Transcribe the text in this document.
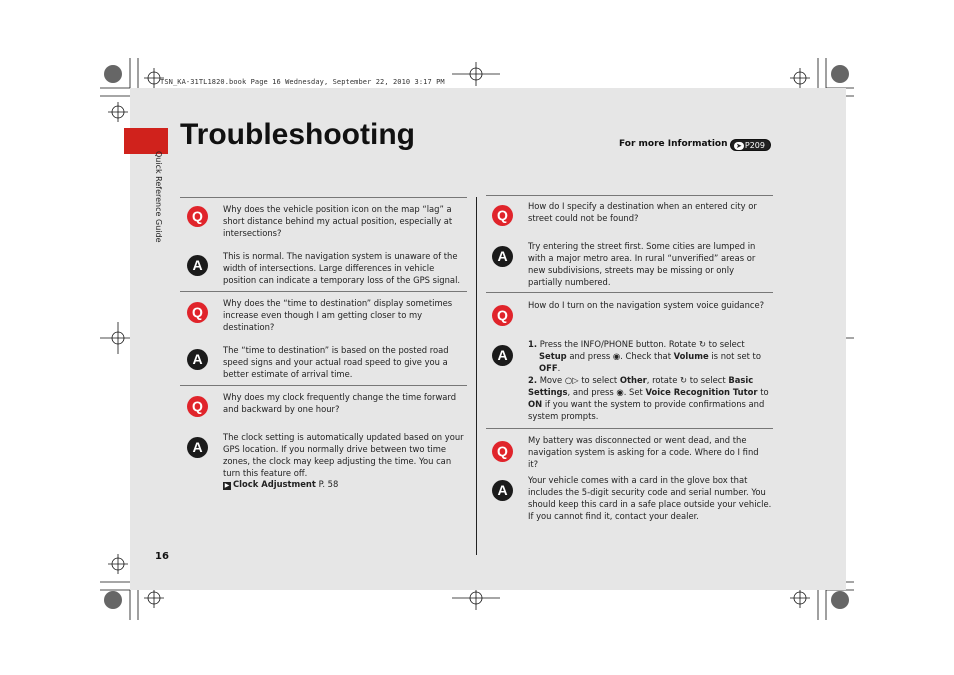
TSN_KA-31TL1820.book Page 16 Wednesday, September 22, 2010 3:17 PM
Troubleshooting
Quick Reference Guide
For more Information	➤ P209
Q	Why does the vehicle position icon on the map “lag” a short distance behind my actual position, especially at intersections?
A
This is normal. The navigation system is unaware of the width of intersections. Large differences in vehicle position can indicate a temporary loss of the GPS signal.
Q
Why does the “time to destination” display sometimes increase even though I am getting closer to my destination?
A
The “time to destination” is based on the posted road speed signs and your actual road speed to give you a better estimate of arrival time.
Q
Why does my clock frequently change the time forward and backward by one hour?
A
The clock setting is automatically updated based on your GPS location. If you normally drive between two time zones, the clock may keep adjusting the time. You can turn this feature off.
▶ Clock Adjustment P. 58
Q
How do I specify a destination when an entered city or street could not be found?
A
Try entering the street first. Some cities are lumped in with a major metro area. In rural “unverified” areas or new subdivisions, streets may be missing or only partially numbered.
Q
How do I turn on the navigation system voice guidance?
A
1. Press the INFO/PHONE button. Rotate ↻ to select
Setup and press ◉. Check that Volume is not set to
OFF.
2. Move ○▷ to select Other, rotate ↻ to select Basic Settings, and press ◉. Set Voice Recognition Tutor to ON if you want the system to provide confirmations and system prompts.
Q
My battery was disconnected or went dead, and the navigation system is asking for a code. Where do I find it?
A
Your vehicle comes with a card in the glove box that includes the 5-digit security code and serial number. You should keep this card in a safe place outside your vehicle. If you cannot find it, contact your dealer.
16
